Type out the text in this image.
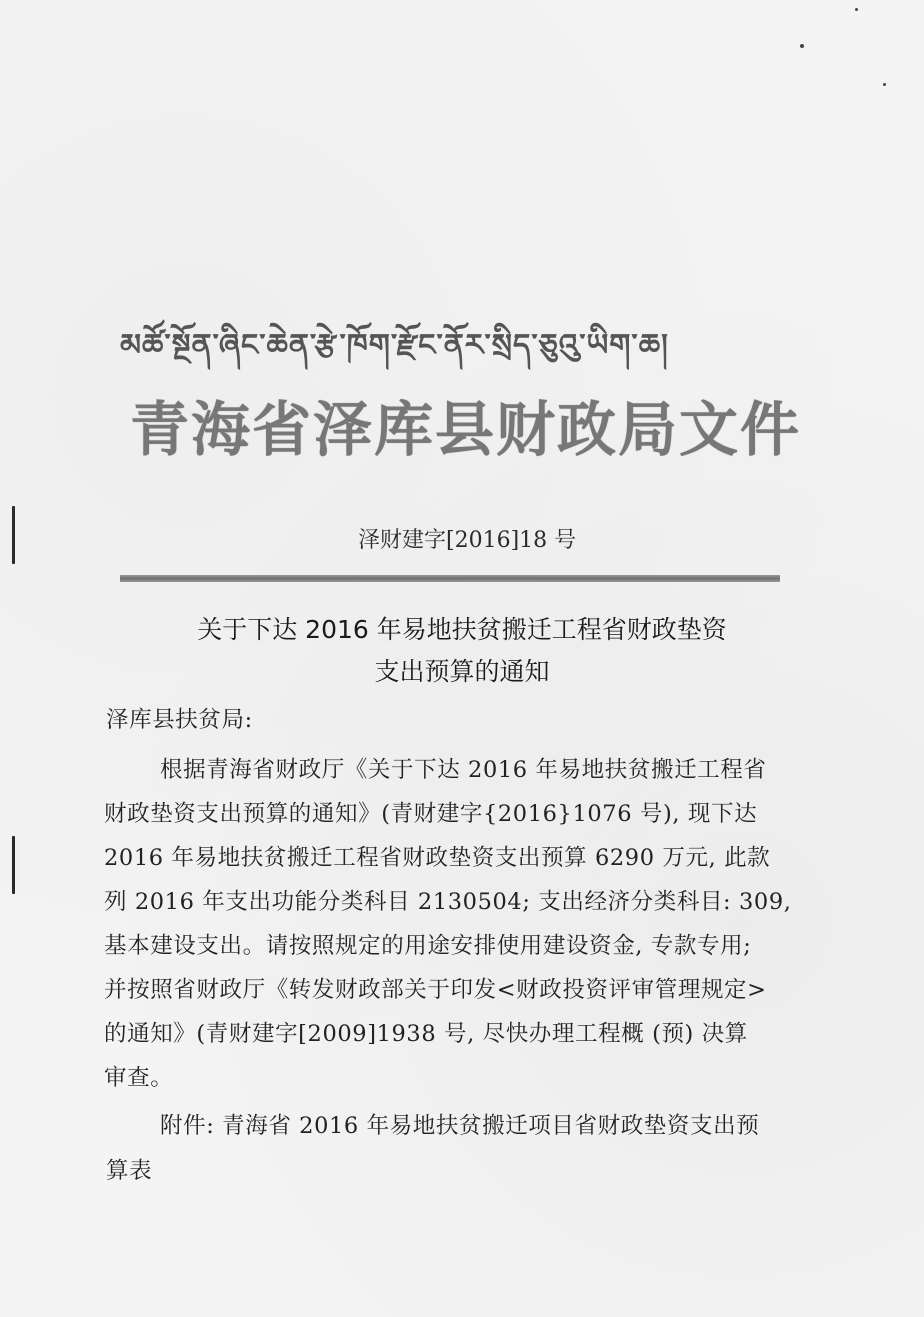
མཚོ་སྔོན་ཞིང་ཆེན་རྩེ་ཁོག་རྫོང་ནོར་སྲིད་ཅུའུ་ཡིག་ཆ།
青海省泽库县财政局文件
泽财建字[2016]18 号
关于下达 2016 年易地扶贫搬迁工程省财政垫资
支出预算的通知
泽库县扶贫局:
根据青海省财政厅《关于下达 2016 年易地扶贫搬迁工程省
财政垫资支出预算的通知》(青财建字{2016}1076 号), 现下达
2016 年易地扶贫搬迁工程省财政垫资支出预算 6290 万元, 此款
列 2016 年支出功能分类科目 2130504; 支出经济分类科目: 309,
基本建设支出。请按照规定的用途安排使用建设资金, 专款专用;
并按照省财政厅《转发财政部关于印发<财政投资评审管理规定>
的通知》(青财建字[2009]1938 号, 尽快办理工程概 (预) 决算
审查。
附件: 青海省 2016 年易地扶贫搬迁项目省财政垫资支出预
算表
